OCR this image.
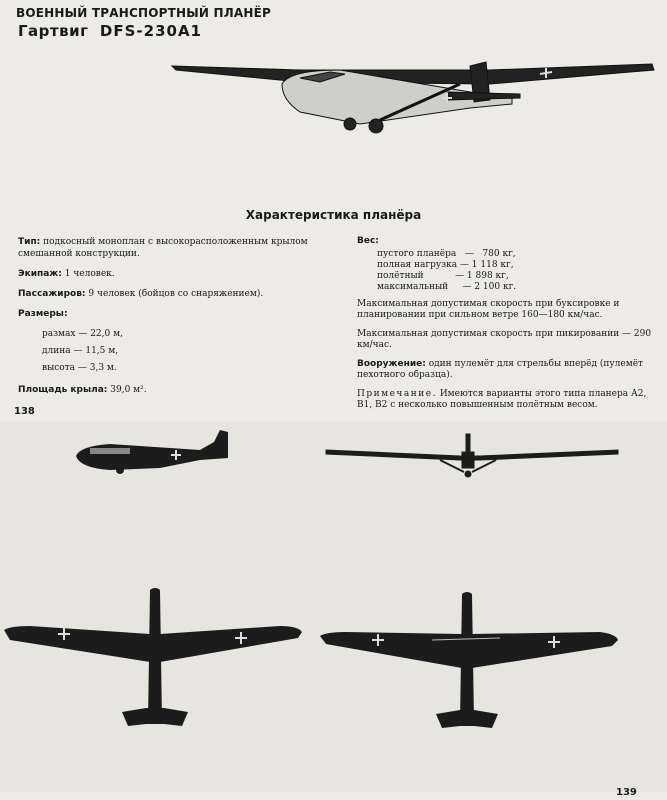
ВОЕННЫЙ ТРАНСПОРТНЫЙ ПЛАНЁР
Гартвиг DFS-230A1
Характеристика планёра
Тип: подкосный моноплан с высокорасположенным крылом смешанной конструкции.
Экипаж: 1 человек.
Пассажиров: 9 человек (бойцов со снаряжением).
Размеры:
размах — 22,0 м,
длина — 11,5 м,
высота — 3,3 м.
Площадь крыла: 39,0 м².
Вес:
пустого планёра   —   780 кг,
полная нагрузка — 1 118 кг,
полётный           — 1 898 кг,
максимальный     — 2 100 кг.
Максимальная допустимая скорость при буксировке и планировании при сильном ветре 160—180 км/час.
Максимальная допустимая скорость при пикировании — 290 км/час.
Вооружение: один пулемёт для стрельбы вперёд (пулемёт пехотного образца).
Примечание. Имеются варианты этого типа планера А2, В1, В2 с несколько повышенным полётным весом.
138
139
